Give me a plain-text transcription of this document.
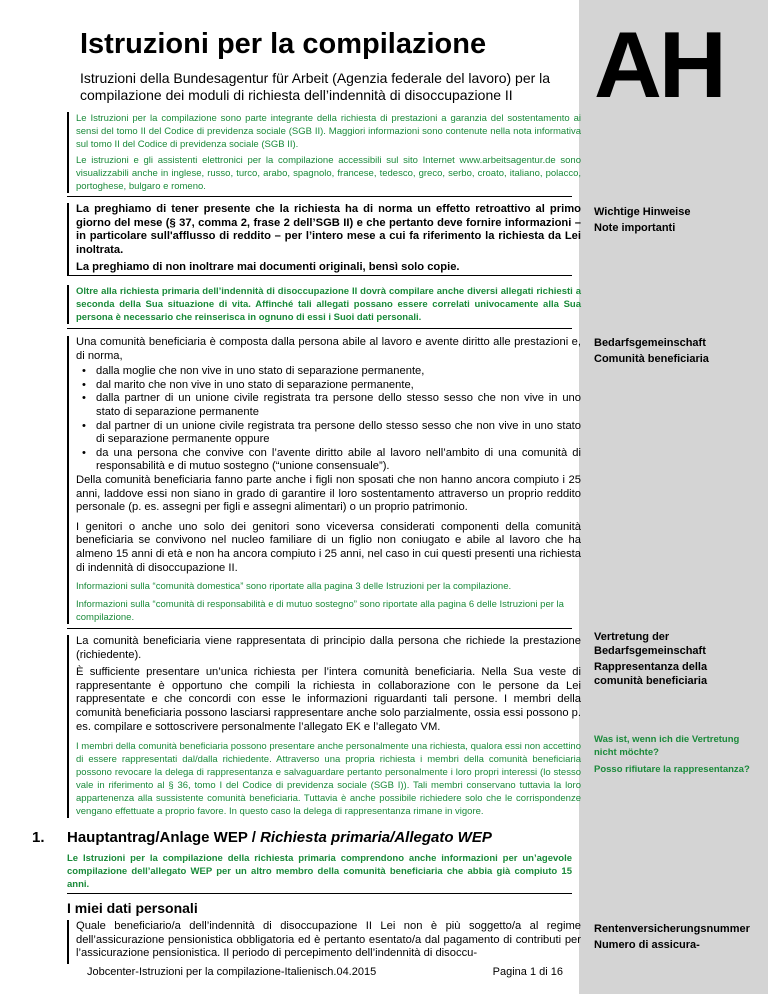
AH
Istruzioni per la compilazione
Istruzioni della Bundesagentur für Arbeit (Agenzia federale del lavoro) per la compilazione dei moduli di richiesta dell’indennità di disoccupazione II

Le Istruzioni per la compilazione sono parte integrante della richiesta di prestazioni a garanzia del sostentamento ai sensi del tomo II del Codice di previdenza sociale (SGB II). Maggiori informazioni sono contenute nella nota informativa sul tomo II del Codice di previdenza sociale (SGB II).

Le istruzioni e gli assistenti elettronici per la compilazione accessibili sul sito Internet www.arbeitsagentur.de sono visualizzabili anche in inglese, russo, turco, arabo, spagnolo, francese, tedesco, greco, serbo, croato, italiano, polacco, portoghese, bulgaro e romeno.

La preghiamo di tener presente che la richiesta ha di norma un effetto retroattivo al primo giorno del mese (§ 37, comma 2, frase 2 dell’SGB II) e che pertanto deve fornire informazioni – in particolare sull'afflusso di reddito – per l’intero mese a cui fa riferimento la richiesta da Lei inoltrata.

La preghiamo di non inoltrare mai documenti originali, bensì solo copie.

Wichtige Hinweise
Note importanti

Oltre alla richiesta primaria dell’indennità di disoccupazione II dovrà compilare anche diversi allegati richiesti a seconda della Sua situazione di vita. Affinché tali allegati possano essere correlati univocamente alla Sua persona è necessario che reinserisca in ognuno di essi i Suoi dati personali.

Una comunità beneficiaria è composta dalla persona abile al lavoro e avente diritto alle prestazioni e, di norma,

• dalla moglie che non vive in uno stato di separazione permanente,
• dal marito che non vive in uno stato di separazione permanente,
• dalla partner di un unione civile registrata tra persone dello stesso sesso che non vive in uno stato di separazione permanente
• dal partner di un unione civile registrata tra persone dello stesso sesso che non vive in uno stato di separazione permanente oppure
• da una persona che convive con l’avente diritto abile al lavoro nell’ambito di una comunità di responsabilità e di mutuo sostegno (“unione consensuale”).

Della comunità beneficiaria fanno parte anche i figli non sposati che non hanno ancora compiuto i 25 anni, laddove essi non siano in grado di garantire il loro sostentamento attraverso un proprio reddito personale (p. es. assegni per figli e assegni alimentari) o un proprio patrimonio.

I genitori o anche uno solo dei genitori sono viceversa considerati componenti della comunità beneficiaria se convivono nel nucleo familiare di un figlio non coniugato e abile al lavoro che ha almeno 15 anni di età e non ha ancora compiuto i 25 anni, nel caso in cui questi presenti una richiesta di indennità di disoccupazione II.

Informazioni sulla “comunità domestica” sono riportate alla pagina 3 delle Istruzioni per la compilazione.

Informazioni sulla “comunità di responsabilità e di mutuo sostegno” sono riportate alla pagina 6 delle Istruzioni per la compilazione.

Bedarfsgemeinschaft
Comunità beneficiaria

La comunità beneficiaria viene rappresentata di principio dalla persona che richiede la prestazione (richiedente).

È sufficiente presentare un’unica richiesta per l’intera comunità beneficiaria. Nella Sua veste di rappresentante è opportuno che compili la richiesta in collaborazione con le persone da Lei rappresentate e che concordi con esse le informazioni riguardanti tali persone. I membri della comunità beneficiaria possono lasciarsi rappresentare anche solo parzialmente, ossia essi possono p. es. compilare e sottoscrivere personalmente l’allegato EK e l’allegato VM.

I membri della comunità beneficiaria possono presentare anche personalmente una richiesta, qualora essi non accettino di essere rappresentati dal/dalla richiedente. Attraverso una propria richiesta i membri della comunità beneficiaria possono revocare la delega di rappresentanza e salvaguardare pertanto personalmente i loro propri interessi (lo stesso vale in riferimento al § 36, tomo I del Codice di previdenza sociale (SGB I)). Tali membri conservano tuttavia la loro appartenenza alla sussistente comunità beneficiaria. Tuttavia è anche possibile richiedere solo che le corrispondenze vengano effettuate a proprio favore. In questo caso la delega di rappresentanza rimane in vigore.

Vertretung der Bedarfsgemeinschaft
Rappresentanza della comunità beneficiaria
Was ist, wenn ich die Vertretung nicht möchte?
Posso rifiutare la rappresentanza?
1. Hauptantrag/Anlage WEP / Richiesta primaria/Allegato WEP

Le Istruzioni per la compilazione della richiesta primaria comprendono anche informazioni per un’agevole compilazione dell’allegato WEP per un altro membro della comunità beneficiaria che abbia già compiuto 15 anni.

I miei dati personali

Quale beneficiario/a dell’indennità di disoccupazione II Lei non è più soggetto/a al regime dell’assicurazione pensionistica obbligatoria ed è pertanto esentato/a dal pagamento di contributi per l’assicurazione pensionistica. Il periodo di percepimento dell’indennità di disoccu-

Rentenversicherungsnummer
Numero di assicura-
Jobcenter-Istruzioni per la compilazione-Italienisch.04.2015	Pagina 1 di 16
